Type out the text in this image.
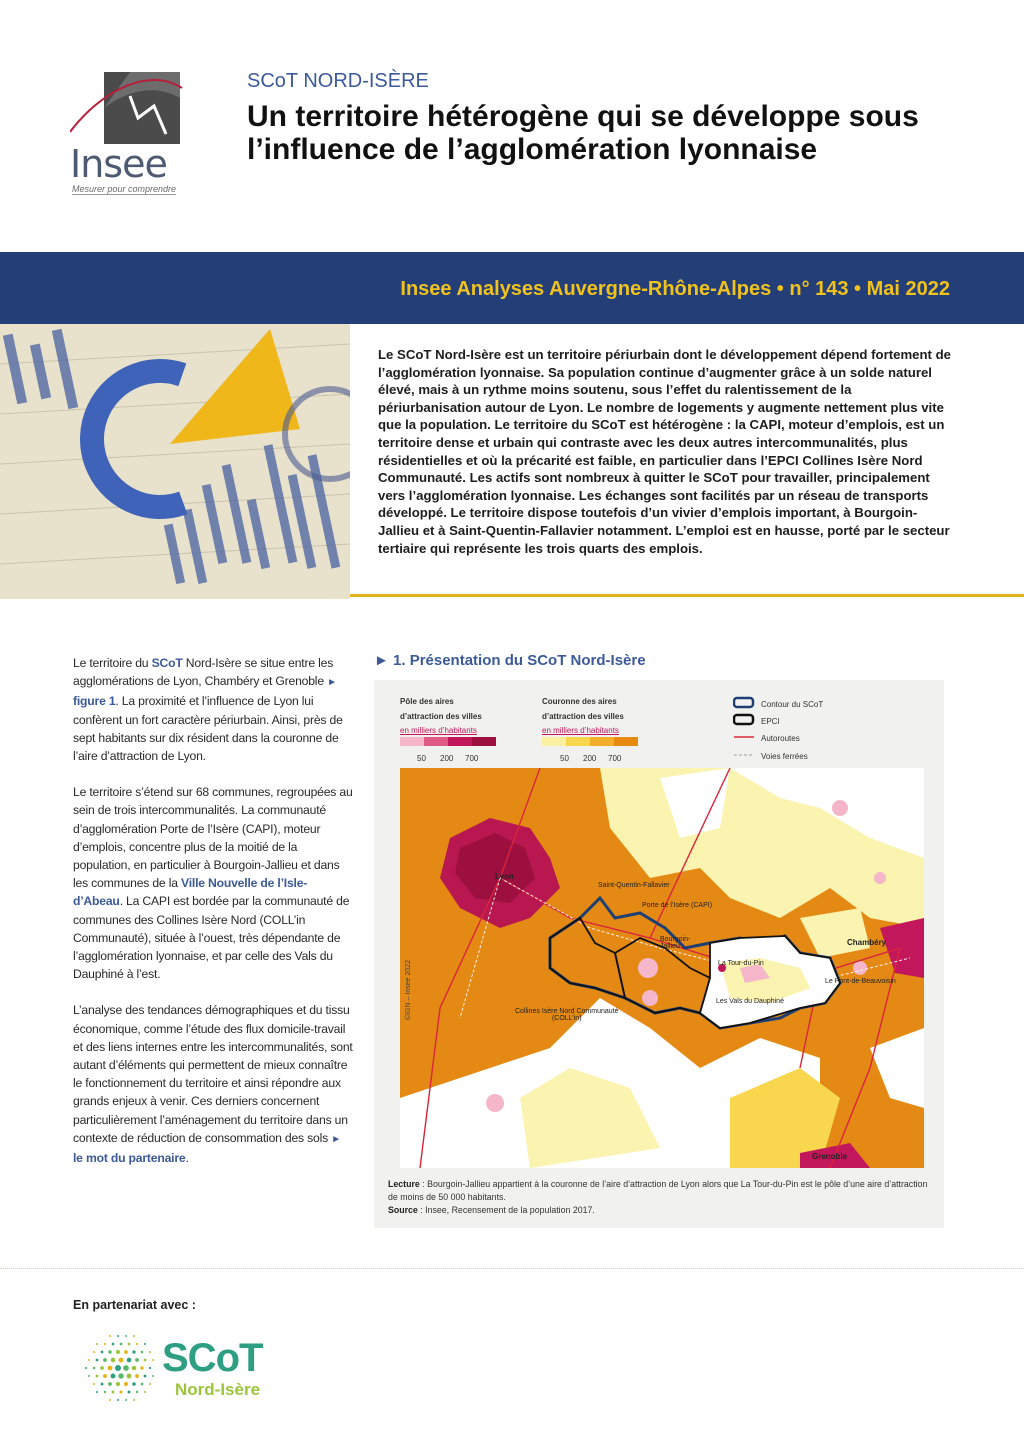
Insee
Mesurer pour comprendre
SCoT NORD-ISÈRE
Un territoire hétérogène qui se développe sous l’influence de l’agglomération lyonnaise
Insee Analyses Auvergne-Rhône-Alpes • n° 143 • Mai 2022

Le SCoT Nord-Isère est un territoire périurbain dont le développement dépend fortement de l’agglomération lyonnaise. Sa population continue d’augmenter grâce à un solde naturel élevé, mais à un rythme moins soutenu, sous l’effet du ralentissement de la périurbanisation autour de Lyon. Le nombre de logements y augmente nettement plus vite que la population. Le territoire du SCoT est hétérogène : la CAPI, moteur d’emplois, est un territoire dense et urbain qui contraste avec les deux autres intercommunalités, plus résidentielles et où la précarité est faible, en particulier dans l’EPCI Collines Isère Nord Communauté. Les actifs sont nombreux à quitter le SCoT pour travailler, principalement vers l’agglomération lyonnaise. Les échanges sont facilités par un réseau de transports développé. Le territoire dispose toutefois d’un vivier d’emplois important, à Bourgoin-Jallieu et à Saint-Quentin-Fallavier notamment. L’emploi est en hausse, porté par le secteur tertiaire qui représente les trois quarts des emplois.

Le territoire du SCoT Nord-Isère se situe entre les agglomérations de Lyon, Chambéry et Grenoble ► figure 1. La proximité et l’influence de Lyon lui confèrent un fort caractère périurbain. Ainsi, près de sept habitants sur dix résident dans la couronne de l’aire d’attraction de Lyon.

Le territoire s’étend sur 68 communes, regroupées au sein de trois intercommunalités. La communauté d’agglomération Porte de l’Isère (CAPI), moteur d’emplois, concentre plus de la moitié de la population, en particulier à Bourgoin-Jallieu et dans les communes de la Ville Nouvelle de l’Isle-d’Abeau. La CAPI est bordée par la communauté de communes des Collines Isère Nord (COLL’in Communauté), située à l’ouest, très dépendante de l’agglomération lyonnaise, et par celle des Vals du Dauphiné à l’est.

L’analyse des tendances démographiques et du tissu économique, comme l’étude des flux domicile-travail et des liens internes entre les intercommunalités, sont autant d’éléments qui permettent de mieux connaître le fonctionnement du territoire et ainsi répondre aux grands enjeux à venir. Ces derniers concernent particulièrement l’aménagement du territoire dans un contexte de réduction de consommation des sols ► le mot du partenaire.

► 1. Présentation du SCoT Nord-Isère
Pôle des aires
d’attraction des villes
en milliers d’habitants
50 200 700
Couronne des aires
d’attraction des villes
en milliers d’habitants
50 200 700
Contour du SCoT
EPCI
Autoroutes
Voies ferrées
Lyon
Chambéry
Grenoble
Saint-Quentin-Fallavier
Porte de l’Isère (CAPI)
Bourgoin-Jallieu
La Tour-du-Pin
Les Vals du Dauphiné
Le Pont-de-Beauvoisin
Collines Isère Nord Communauté
(COLL’in)
©IGN – Insee 2022
Lecture : Bourgoin-Jallieu appartient à la couronne de l’aire d’attraction de Lyon alors que La Tour-du-Pin est le pôle d’une aire d’attraction de moins de 50 000 habitants.
Source : Insee, Recensement de la population 2017.
En partenariat avec :
SCoT
Nord-Isère
